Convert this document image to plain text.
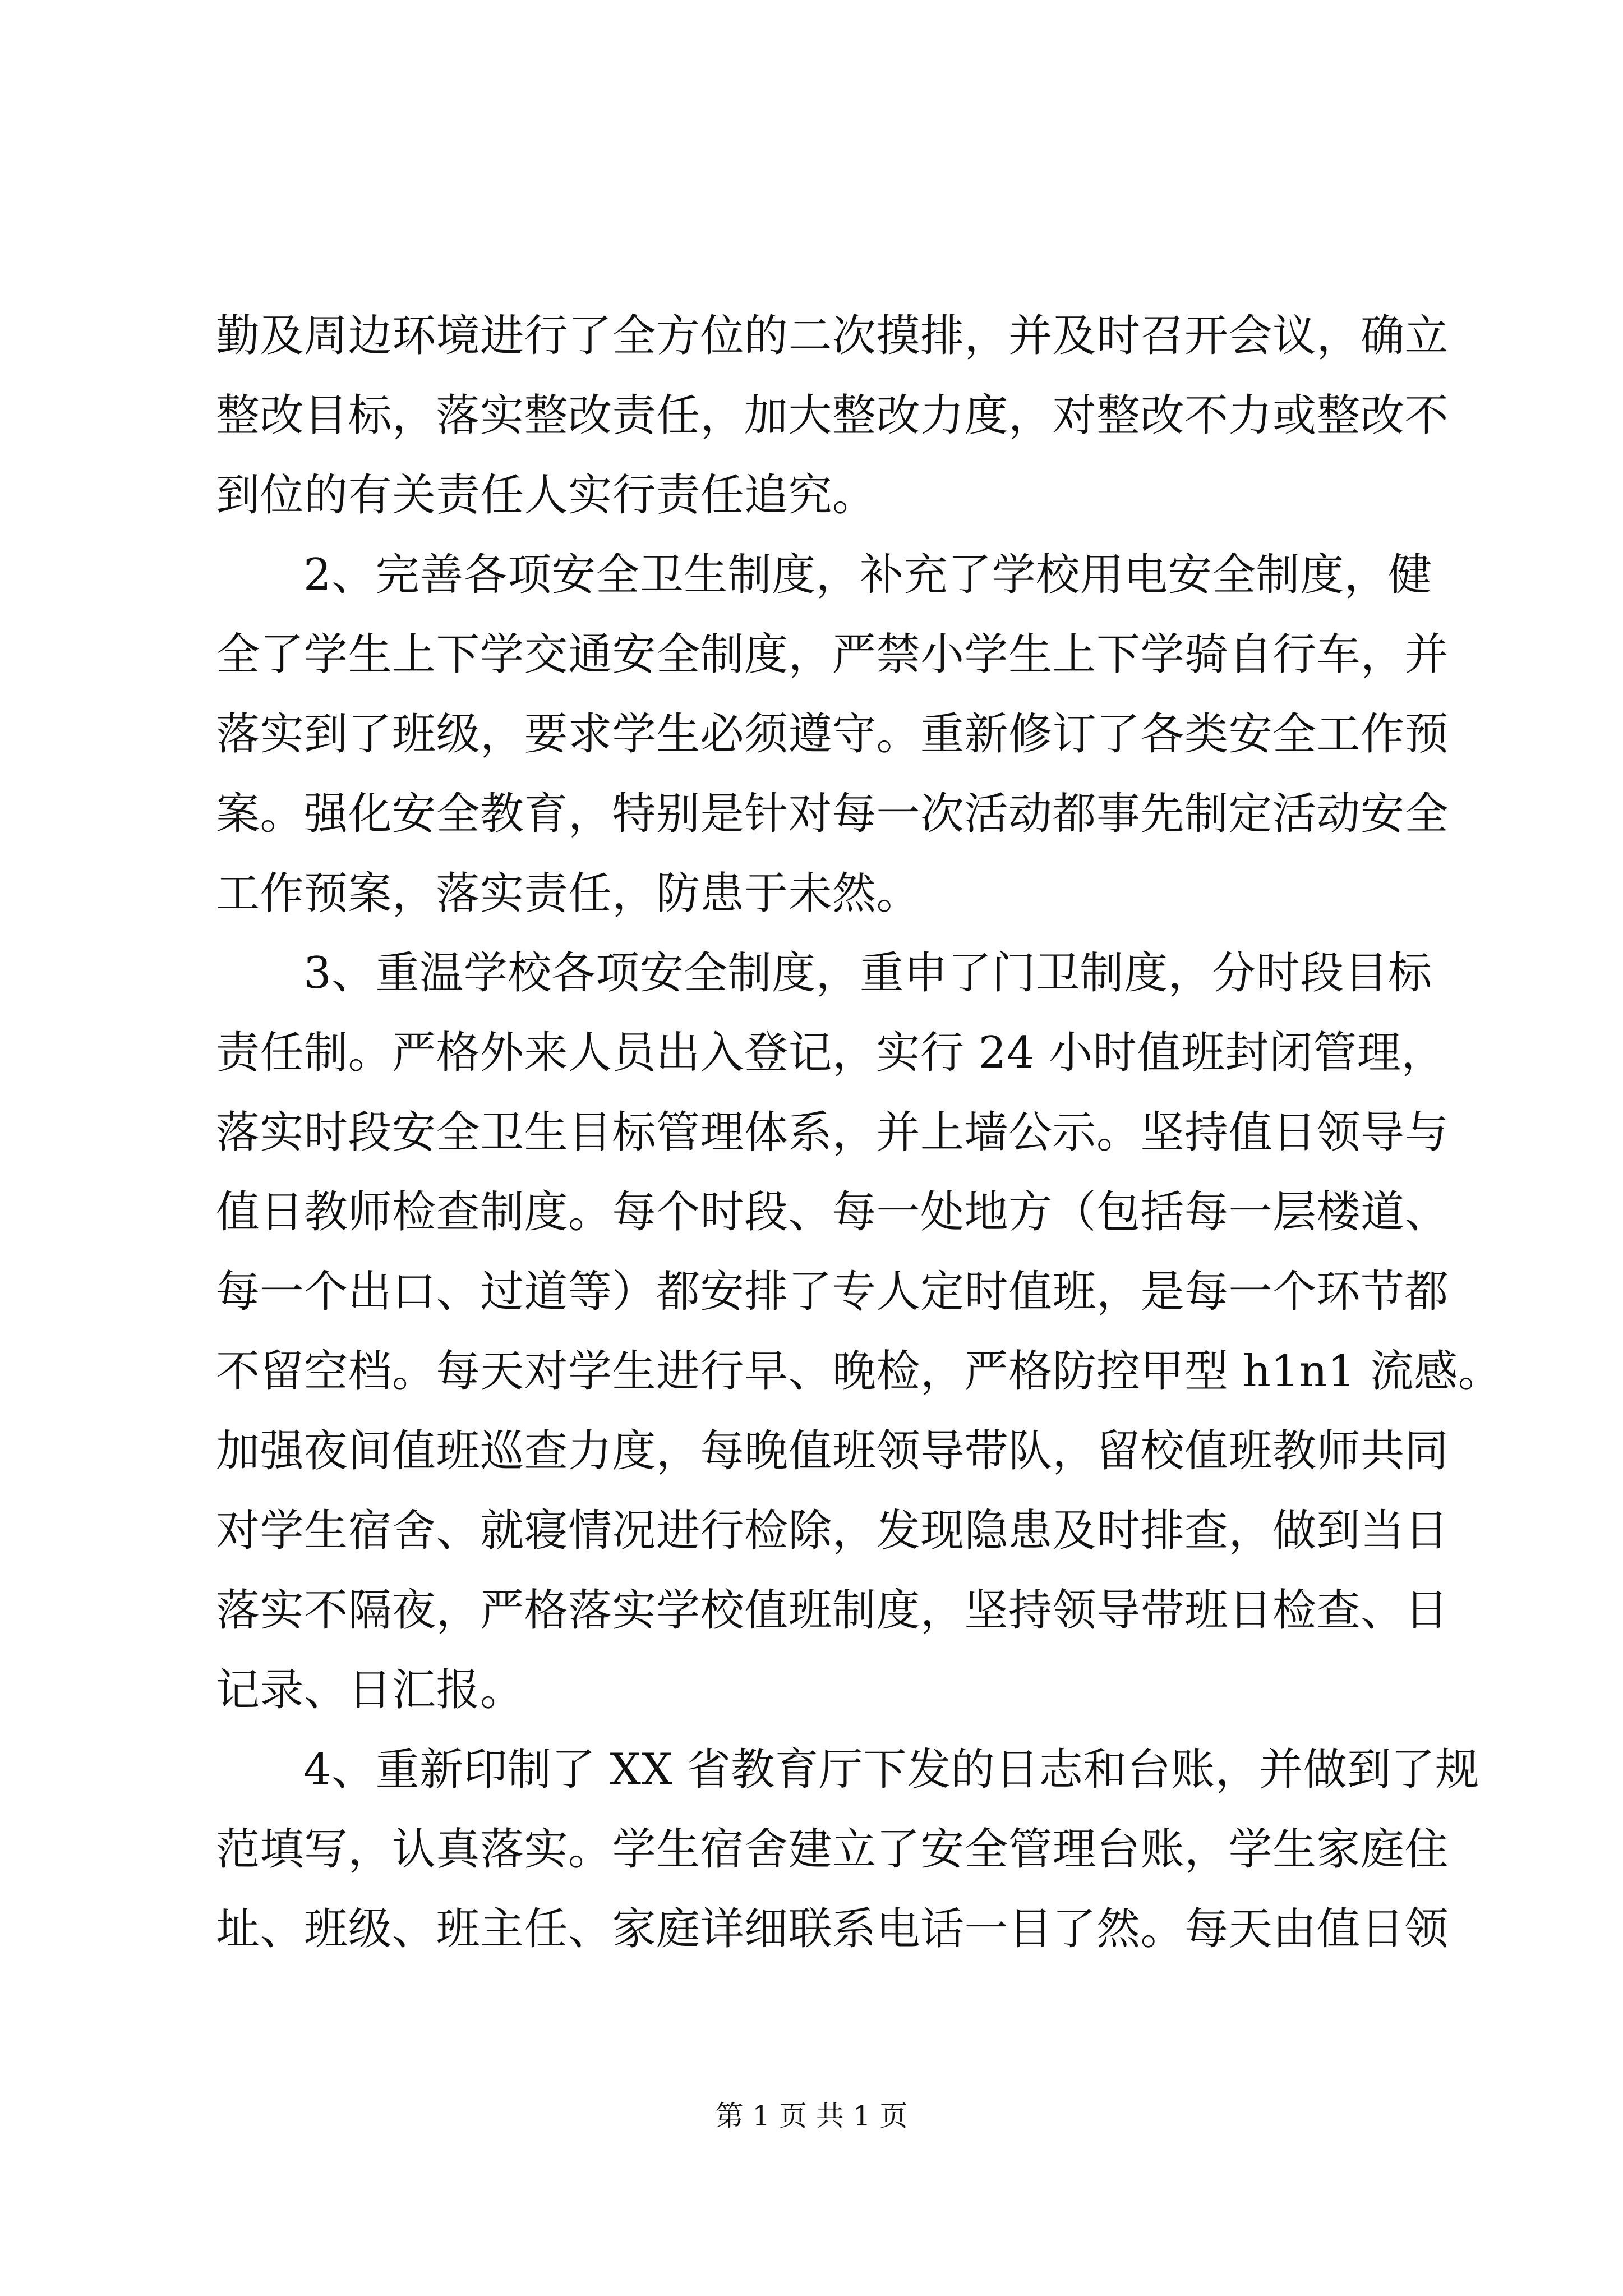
勤及周边环境进行了全方位的二次摸排，并及时召开会议，确立
整改目标，落实整改责任，加大整改力度，对整改不力或整改不
到位的有关责任人实行责任追究。
2、完善各项安全卫生制度，补充了学校用电安全制度，健
全了学生上下学交通安全制度，严禁小学生上下学骑自行车，并
落实到了班级，要求学生必须遵守。重新修订了各类安全工作预
案。强化安全教育，特别是针对每一次活动都事先制定活动安全
工作预案，落实责任，防患于未然。
3、重温学校各项安全制度，重申了门卫制度，分时段目标
责任制。严格外来人员出入登记，实行 24 小时值班封闭管理，
落实时段安全卫生目标管理体系，并上墙公示。坚持值日领导与
值日教师检查制度。每个时段、每一处地方（包括每一层楼道、
每一个出口、过道等）都安排了专人定时值班，是每一个环节都
不留空档。每天对学生进行早、晚检，严格防控甲型 h1n1 流感。
加强夜间值班巡查力度，每晚值班领导带队，留校值班教师共同
对学生宿舍、就寝情况进行检除，发现隐患及时排查，做到当日
落实不隔夜，严格落实学校值班制度，坚持领导带班日检查、日
记录、日汇报。
4、重新印制了 XX 省教育厅下发的日志和台账，并做到了规
范填写，认真落实。学生宿舍建立了安全管理台账，学生家庭住
址、班级、班主任、家庭详细联系电话一目了然。每天由值日领
第 1 页 共 1 页
